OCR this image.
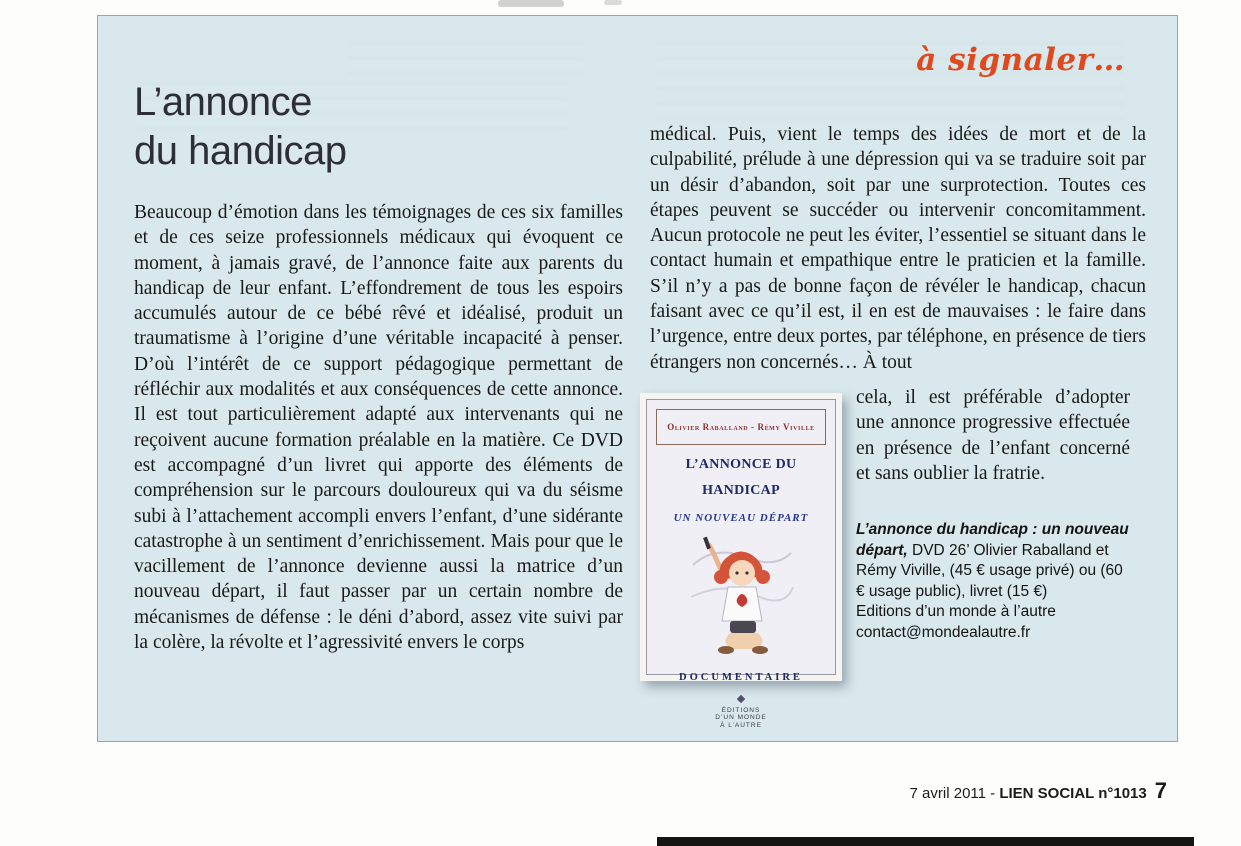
à signaler…
L’annonce
du handicap

Beaucoup d’émotion dans les témoignages de ces six familles et de ces seize professionnels médicaux qui évoquent ce moment, à jamais gravé, de l’annonce faite aux parents du handicap de leur enfant. L’effondrement de tous les espoirs accumulés autour de ce bébé rêvé et idéalisé, produit un traumatisme à l’origine d’une véritable incapacité à penser. D’où l’intérêt de ce support pédagogique permettant de réfléchir aux modalités et aux conséquences de cette annonce. Il est tout particulièrement adapté aux intervenants qui ne reçoivent aucune formation préalable en la matière. Ce DVD est accompagné d’un livret qui apporte des éléments de compréhension sur le parcours douloureux qui va du séisme subi à l’attachement accompli envers l’enfant, d’une sidérante catastrophe à un sentiment d’enrichissement. Mais pour que le vacillement de l’annonce devienne aussi la matrice d’un nouveau départ, il faut passer par un certain nombre de mécanismes de défense : le déni d’abord, assez vite suivi par la colère, la révolte et l’agressivité envers le corps

médical. Puis, vient le temps des idées de mort et de la culpabilité, prélude à une dépression qui va se traduire soit par un désir d’abandon, soit par une surprotection. Toutes ces étapes peuvent se succéder ou intervenir concomitamment. Aucun protocole ne peut les éviter, l’essentiel se situant dans le contact humain et empathique entre le praticien et la famille. S’il n’y a pas de bonne façon de révéler le handicap, chacun faisant avec ce qu’il est, il en est de mauvaises : le faire dans l’urgence, entre deux portes, par téléphone, en présence de tiers étrangers non concernés… À tout

Olivier Raballand - Rémy Viville
L’ANNONCE DU HANDICAP
UN NOUVEAU DÉPART
DOCUMENTAIRE

ÉDITIONS
D’UN MONDE
À L’AUTRE

cela, il est préférable d’adopter une annonce progressive effectuée en présence de l’enfant concerné et sans oublier la fratrie.

L’annonce du handicap : un nouveau départ, DVD 26’ Olivier Raballand et Rémy Viville, (45 € usage privé) ou (60 € usage public), livret (15 €)

Editions d’un monde à l’autre

contact@mondealautre.fr

7 avril 2011 - LIEN SOCIAL n°1013 7
